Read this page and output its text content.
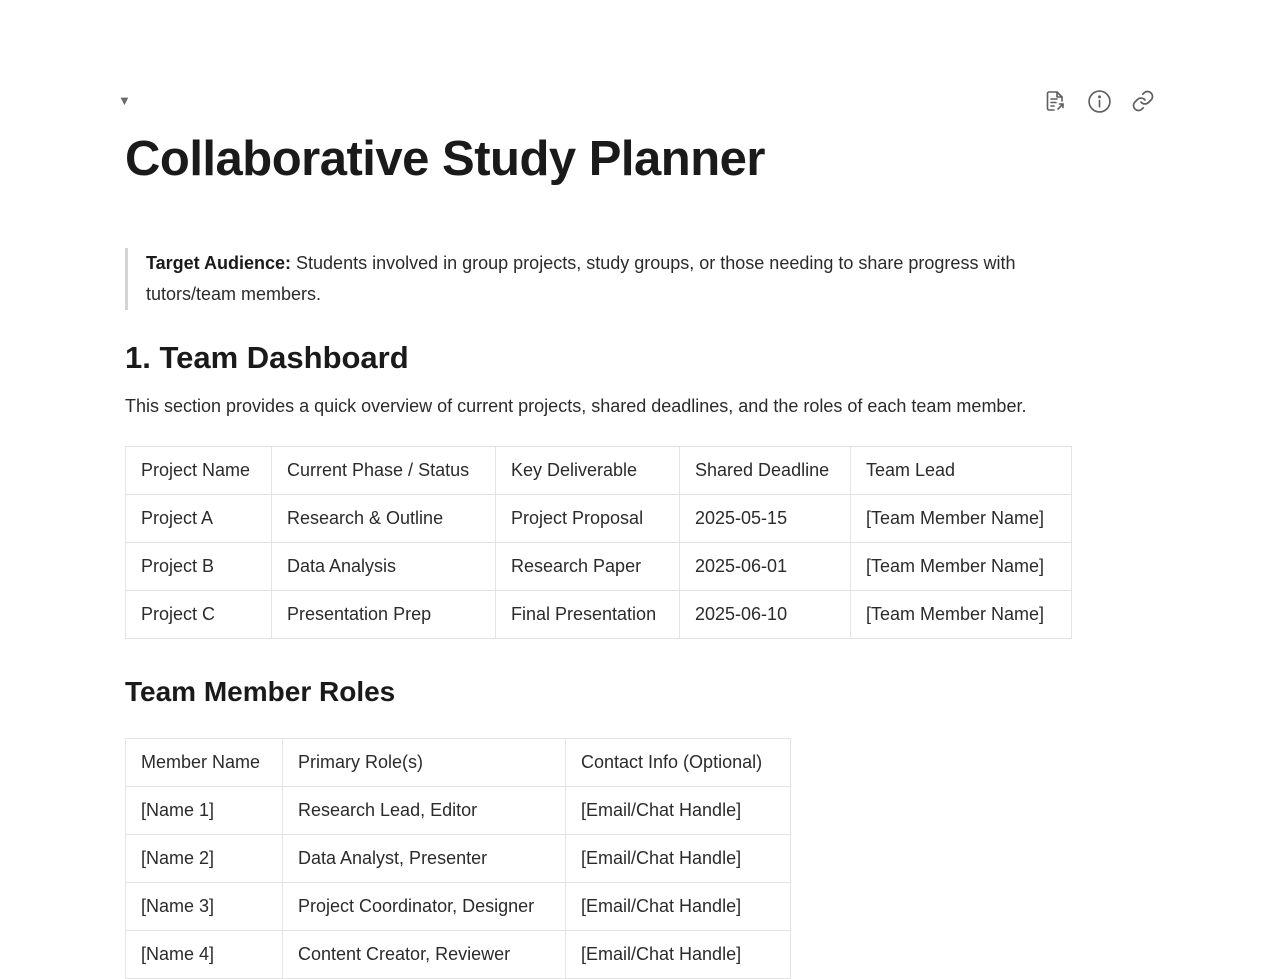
▼
Collaborative Study Planner
Target Audience: Students involved in group projects, study groups, or those needing to share progress with tutors/team members.
1. Team Dashboard

This section provides a quick overview of current projects, shared deadlines, and the roles of each team member.

Project Name	Current Phase / Status	Key Deliverable	Shared Deadline	Team Lead
Project A	Research & Outline	Project Proposal	2025-05-15	[Team Member Name]
Project B	Data Analysis	Research Paper	2025-06-01	[Team Member Name]
Project C	Presentation Prep	Final Presentation	2025-06-10	[Team Member Name]
Team Member Roles
Member Name	Primary Role(s)	Contact Info (Optional)
[Name 1]	Research Lead, Editor	[Email/Chat Handle]
[Name 2]	Data Analyst, Presenter	[Email/Chat Handle]
[Name 3]	Project Coordinator, Designer	[Email/Chat Handle]
[Name 4]	Content Creator, Reviewer	[Email/Chat Handle]
